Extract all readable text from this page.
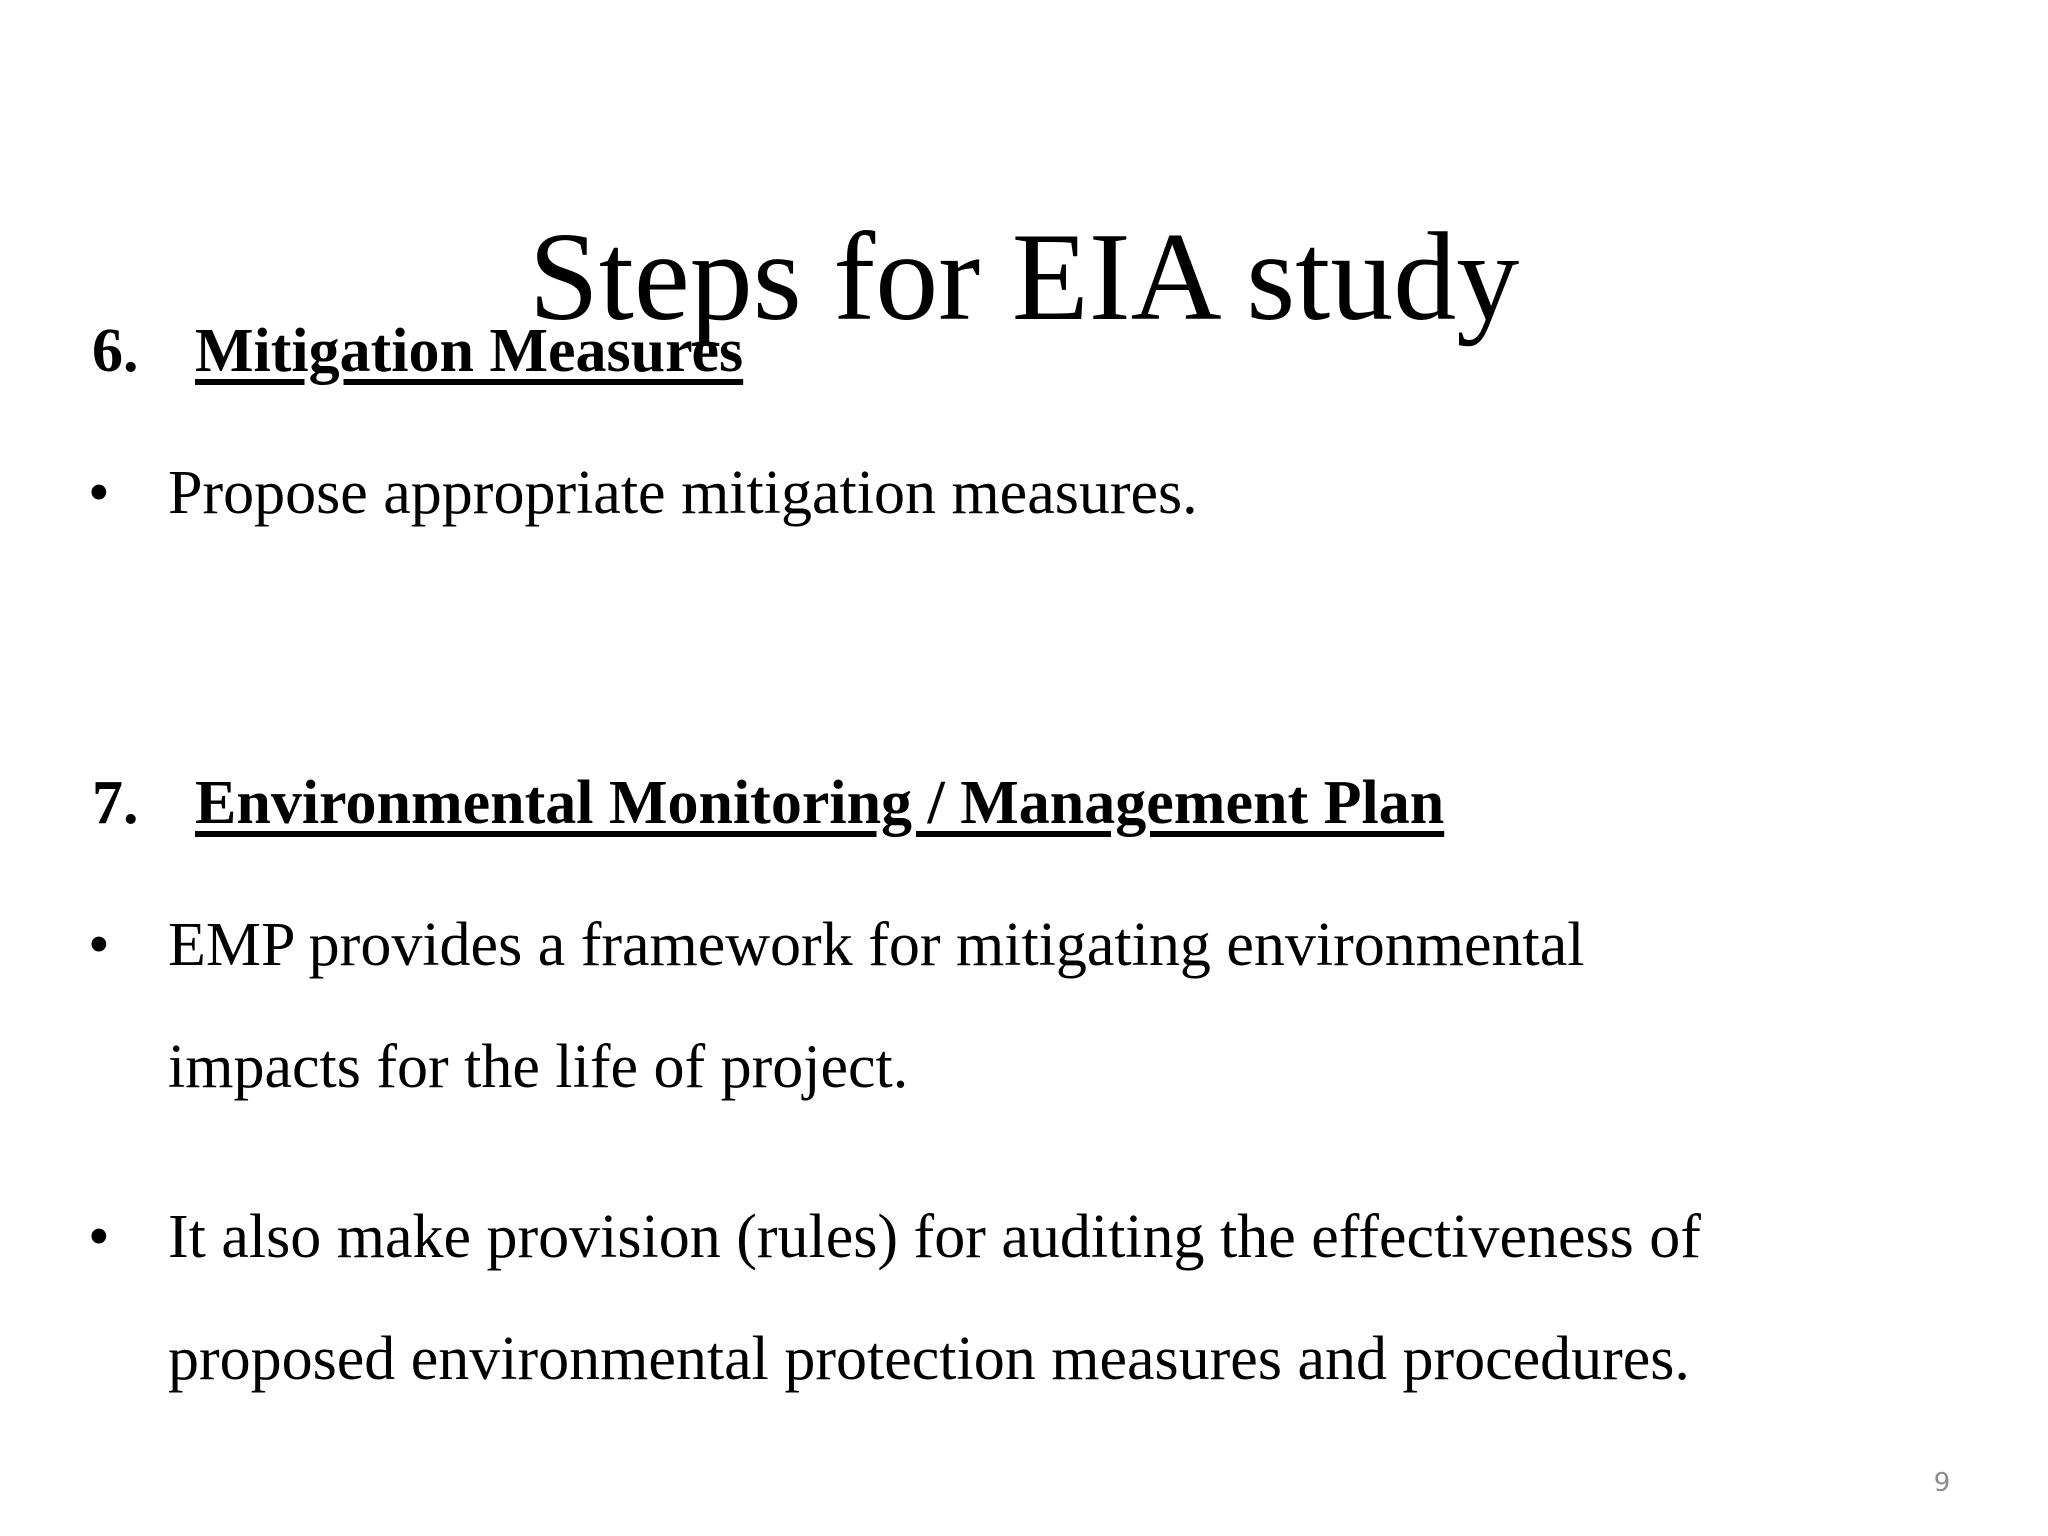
Steps for EIA study
6. Mitigation Measures
• Propose appropriate mitigation measures.
7. Environmental Monitoring / Management Plan
• EMP provides a framework for mitigating environmental
impacts for the life of project.
• It also make provision (rules) for auditing the effectiveness of
proposed environmental protection measures and procedures.
9
